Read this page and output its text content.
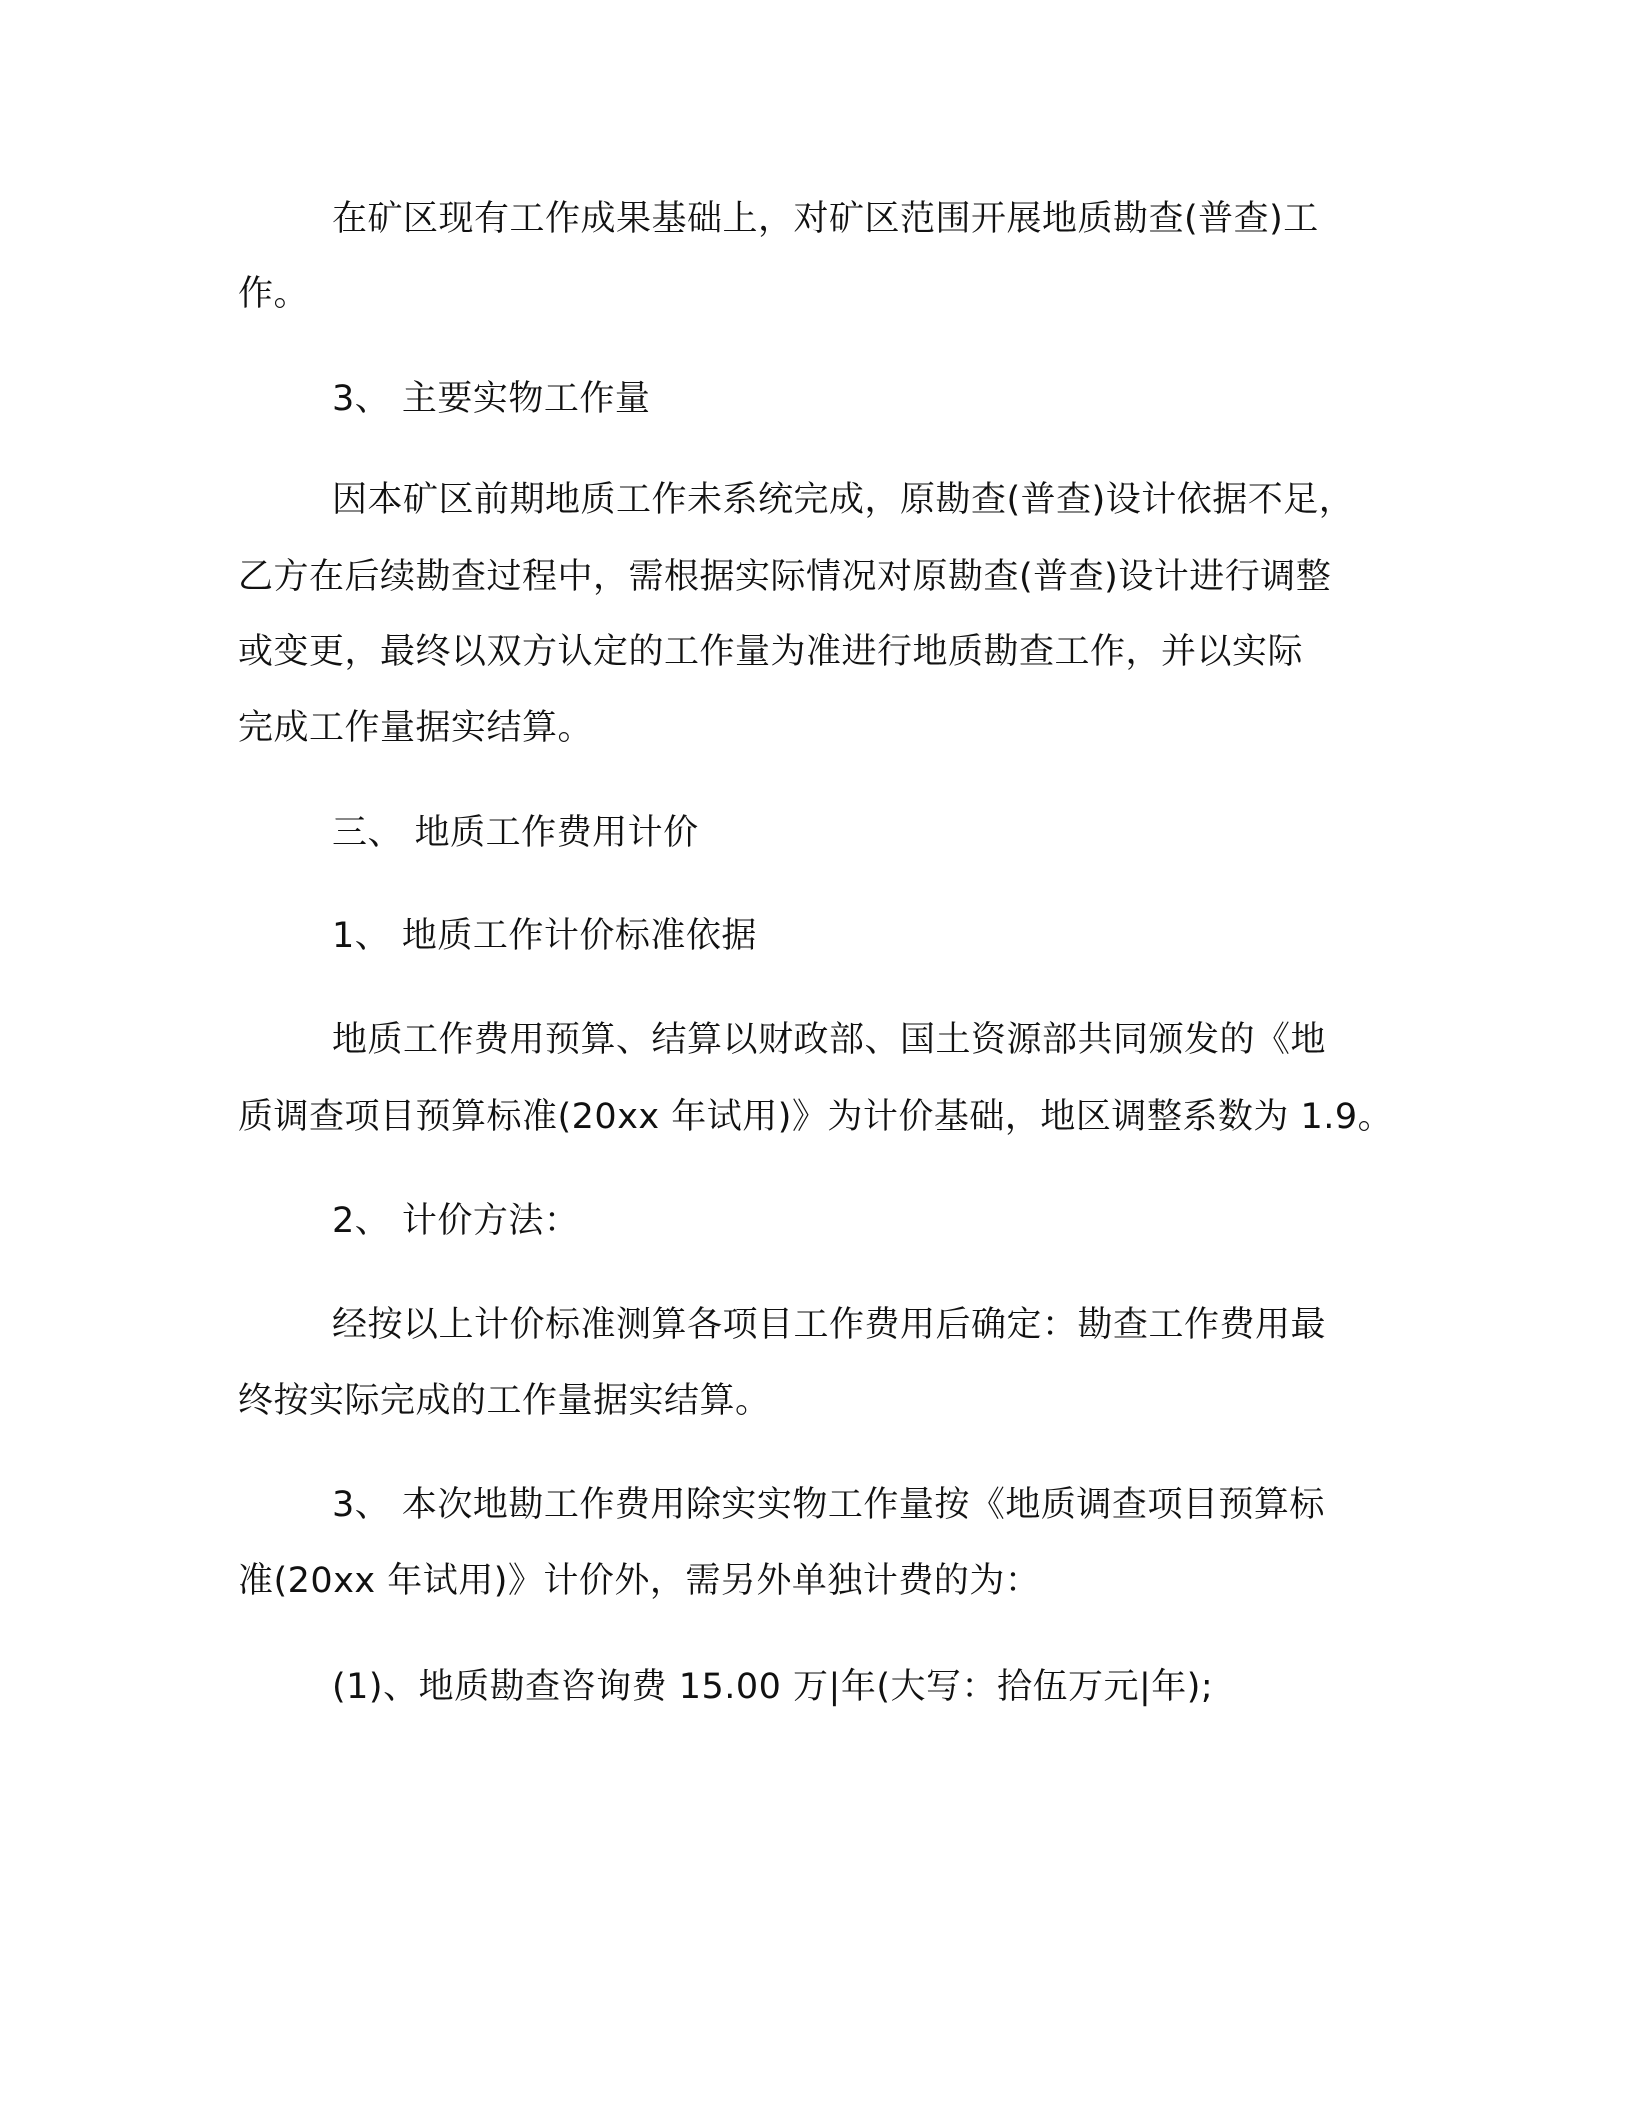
在矿区现有工作成果基础上，对矿区范围开展地质勘查(普查)工

作。

3、 主要实物工作量

因本矿区前期地质工作未系统完成，原勘查(普查)设计依据不足，

乙方在后续勘查过程中，需根据实际情况对原勘查(普查)设计进行调整

或变更，最终以双方认定的工作量为准进行地质勘查工作，并以实际

完成工作量据实结算。

三、 地质工作费用计价

1、 地质工作计价标准依据

地质工作费用预算、结算以财政部、国土资源部共同颁发的《地

质调查项目预算标准(20xx 年试用)》为计价基础，地区调整系数为 1.9。

2、 计价方法：

经按以上计价标准测算各项目工作费用后确定：勘查工作费用最

终按实际完成的工作量据实结算。

3、 本次地勘工作费用除实实物工作量按《地质调查项目预算标

准(20xx 年试用)》计价外，需另外单独计费的为：

(1)、地质勘查咨询费 15.00 万|年(大写：拾伍万元|年);
